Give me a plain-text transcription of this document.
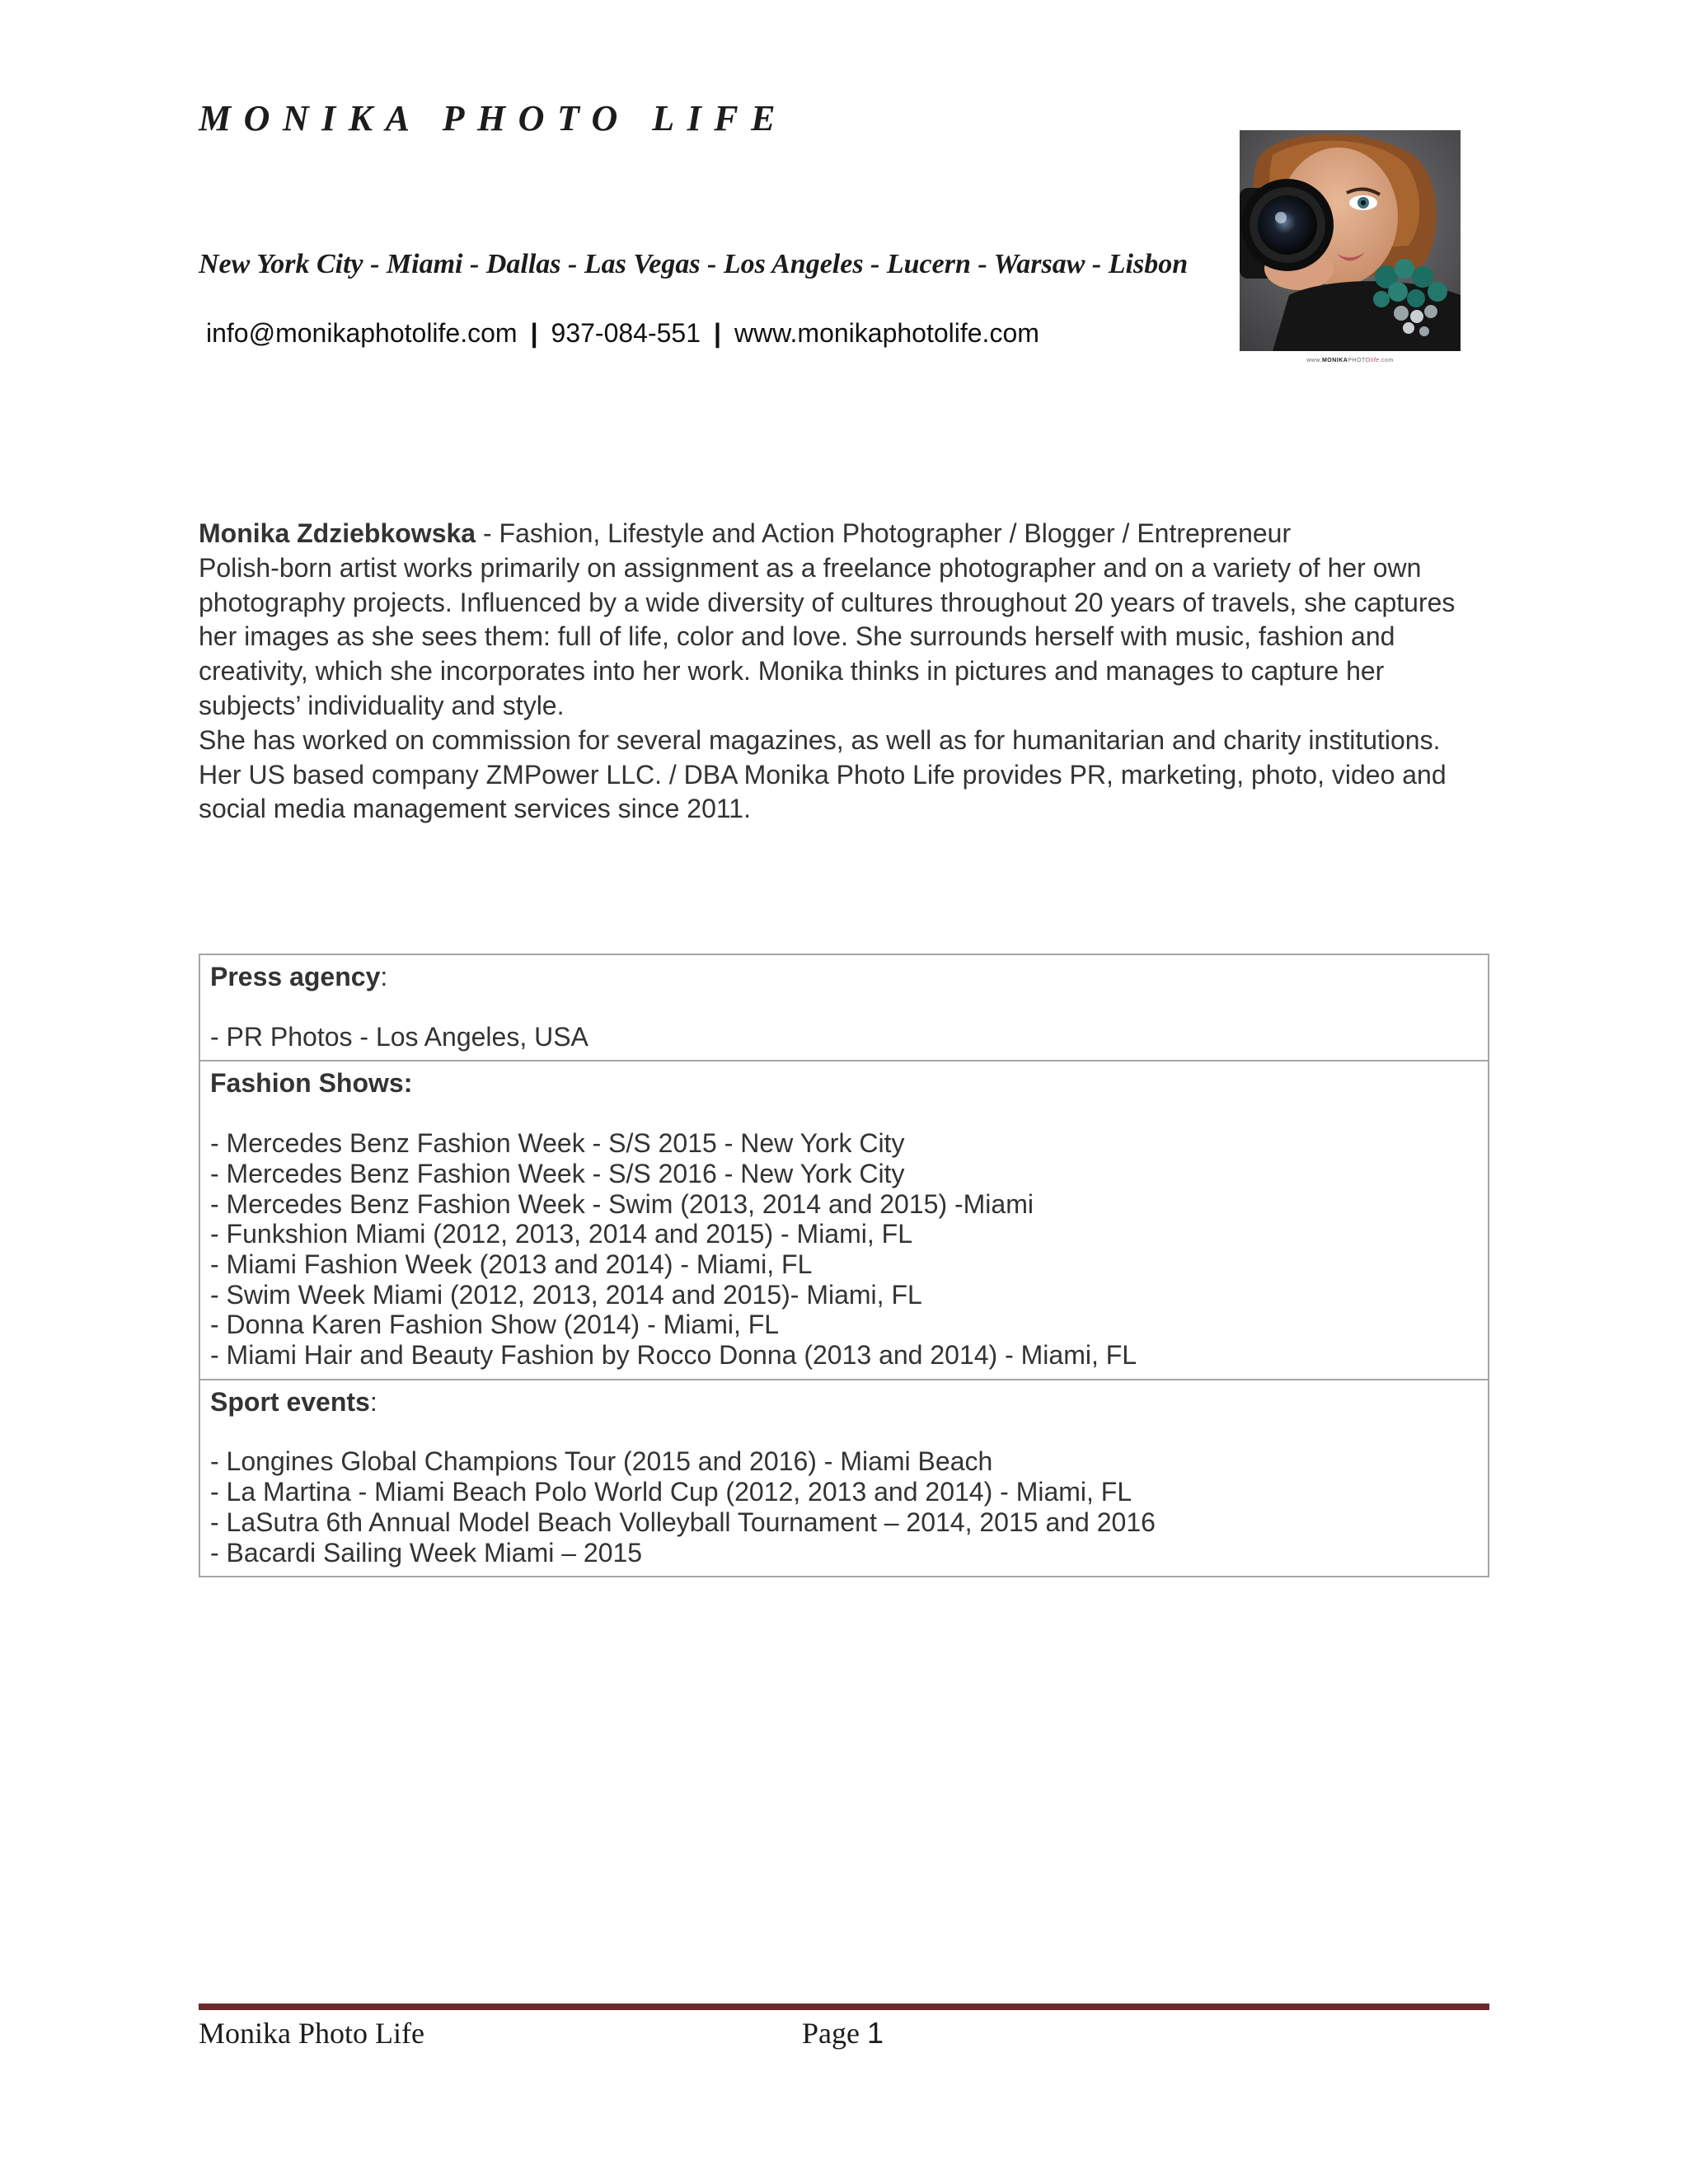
MONIKA PHOTO LIFE
New York City - Miami - Dallas - Las Vegas - Los Angeles - Lucern - Warsaw - Lisbon
info@monikaphotolife.com | 937-084-551 | www.monikaphotolife.com
www.MONIKAPHOTOlife.com

Monika Zdziebkowska - Fashion, Lifestyle and Action Photographer / Blogger / Entrepreneur

Polish-born artist works primarily on assignment as a freelance photographer and on a variety of her own photography projects. Influenced by a wide diversity of cultures throughout 20 years of travels, she captures her images as she sees them: full of life, color and love. She surrounds herself with music, fashion and creativity, which she incorporates into her work. Monika thinks in pictures and manages to capture her subjects’ individuality and style.

She has worked on commission for several magazines, as well as for humanitarian and charity institutions.

Her US based company ZMPower LLC. / DBA Monika Photo Life provides PR, marketing, photo, video and social media management services since 2011.

Press agency:
- PR Photos - Los Angeles, USA
Fashion Shows:
- Mercedes Benz Fashion Week - S/S 2015 - New York City
- Mercedes Benz Fashion Week - S/S 2016 - New York City
- Mercedes Benz Fashion Week - Swim (2013, 2014 and 2015) -Miami
- Funkshion Miami (2012, 2013, 2014 and 2015) - Miami, FL
- Miami Fashion Week (2013 and 2014) - Miami, FL
- Swim Week Miami (2012, 2013, 2014 and 2015)- Miami, FL
- Donna Karen Fashion Show (2014) - Miami, FL
- Miami Hair and Beauty Fashion by Rocco Donna (2013 and 2014) - Miami, FL
Sport events:
- Longines Global Champions Tour (2015 and 2016) - Miami Beach
- La Martina - Miami Beach Polo World Cup (2012, 2013 and 2014) - Miami, FL
- LaSutra 6th Annual Model Beach Volleyball Tournament – 2014, 2015 and 2016
- Bacardi Sailing Week Miami – 2015
Monika Photo Life	Page 1
